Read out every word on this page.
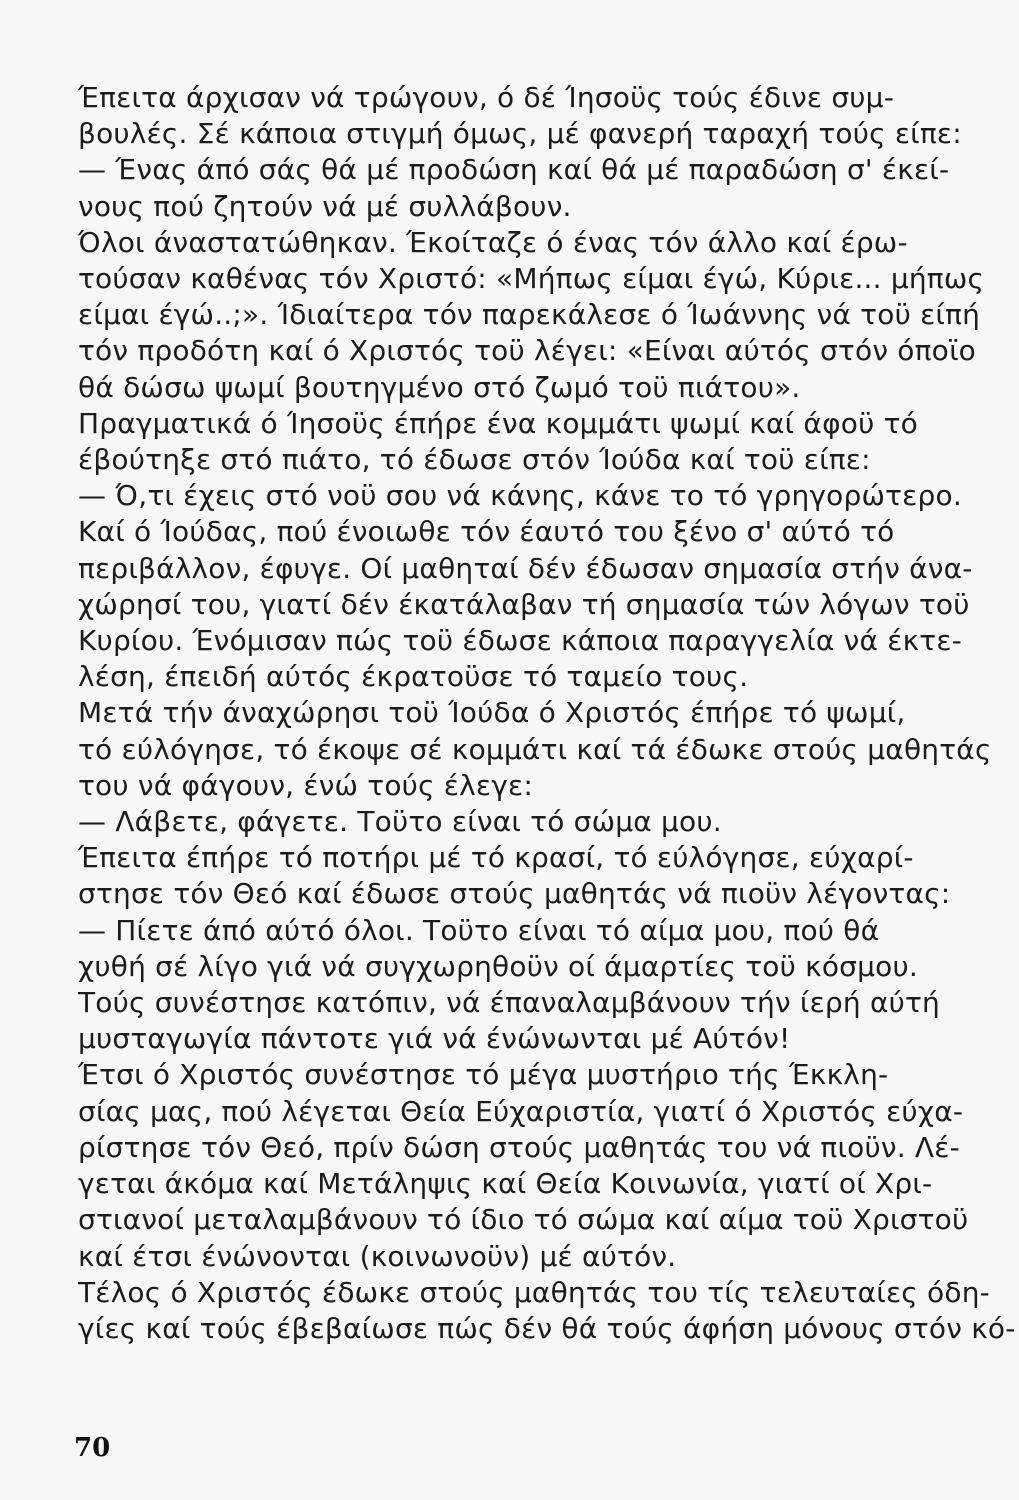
Έπειτα άρχισαν νά τρώγουν, ό δέ Ίησοϋς τούς έδινε συμ-
βουλές. Σέ κάποια στιγμή όμως, μέ φανερή ταραχή τούς είπε:
— Ένας άπό σάς θά μέ προδώση καί θά μέ παραδώση σ' έκεί-
νους πού ζητούν νά μέ συλλάβουν.
Όλοι άναστατώθηκαν. Έκοίταζε ό ένας τόν άλλο καί έρω-
τούσαν καθένας τόν Χριστό: «Μήπως είμαι έγώ, Κύριε... μήπως
είμαι έγώ..;». Ίδιαίτερα τόν παρεκάλεσε ό Ίωάννης νά τοϋ είπή
τόν προδότη καί ό Χριστός τοϋ λέγει: «Είναι αύτός στόν όποϊο
θά δώσω ψωμί βουτηγμένο στό ζωμό τοϋ πιάτου».
Πραγματικά ό Ίησοϋς έπήρε ένα κομμάτι ψωμί καί άφοϋ τό
έβούτηξε στό πιάτο, τό έδωσε στόν Ίούδα καί τοϋ είπε:
— Ό,τι έχεις στό νοϋ σου νά κάνης, κάνε το τό γρηγορώτερο.
Καί ό Ίούδας, πού ένοιωθε τόν έαυτό του ξένο σ' αύτό τό
περιβάλλον, έφυγε. Οί μαθηταί δέν έδωσαν σημασία στήν άνα-
χώρησί του, γιατί δέν έκατάλαβαν τή σημασία τών λόγων τοϋ
Κυρίου. Ένόμισαν πώς τοϋ έδωσε κάποια παραγγελία νά έκτε-
λέση, έπειδή αύτός έκρατοϋσε τό ταμείο τους.
Μετά τήν άναχώρησι τοϋ Ίούδα ό Χριστός έπήρε τό ψωμί,
τό εύλόγησε, τό έκοψε σέ κομμάτι καί τά έδωκε στούς μαθητάς
του νά φάγουν, ένώ τούς έλεγε:
— Λάβετε, φάγετε. Τοϋτο είναι τό σώμα μου.
Έπειτα έπήρε τό ποτήρι μέ τό κρασί, τό εύλόγησε, εύχαρί-
στησε τόν Θεό καί έδωσε στούς μαθητάς νά πιοϋν λέγοντας:
— Πίετε άπό αύτό όλοι. Τοϋτο είναι τό αίμα μου, πού θά
χυθή σέ λίγο γιά νά συγχωρηθοϋν οί άμαρτίες τοϋ κόσμου.
Τούς συνέστησε κατόπιν, νά έπαναλαμβάνουν τήν ίερή αύτή
μυσταγωγία πάντοτε γιά νά ένώνωνται μέ Αύτόν!
Έτσι ό Χριστός συνέστησε τό μέγα μυστήριο τής Έκκλη-
σίας μας, πού λέγεται Θεία Εύχαριστία, γιατί ό Χριστός εύχα-
ρίστησε τόν Θεό, πρίν δώση στούς μαθητάς του νά πιοϋν. Λέ-
γεται άκόμα καί Μετάληψις καί Θεία Κοινωνία, γιατί οί Χρι-
στιανοί μεταλαμβάνουν τό ίδιο τό σώμα καί αίμα τοϋ Χριστοϋ
καί έτσι ένώνονται (κοινωνοϋν) μέ αύτόν.
Τέλος ό Χριστός έδωκε στούς μαθητάς του τίς τελευταίες όδη-
γίες καί τούς έβεβαίωσε πώς δέν θά τούς άφήση μόνους στόν κό-
70
